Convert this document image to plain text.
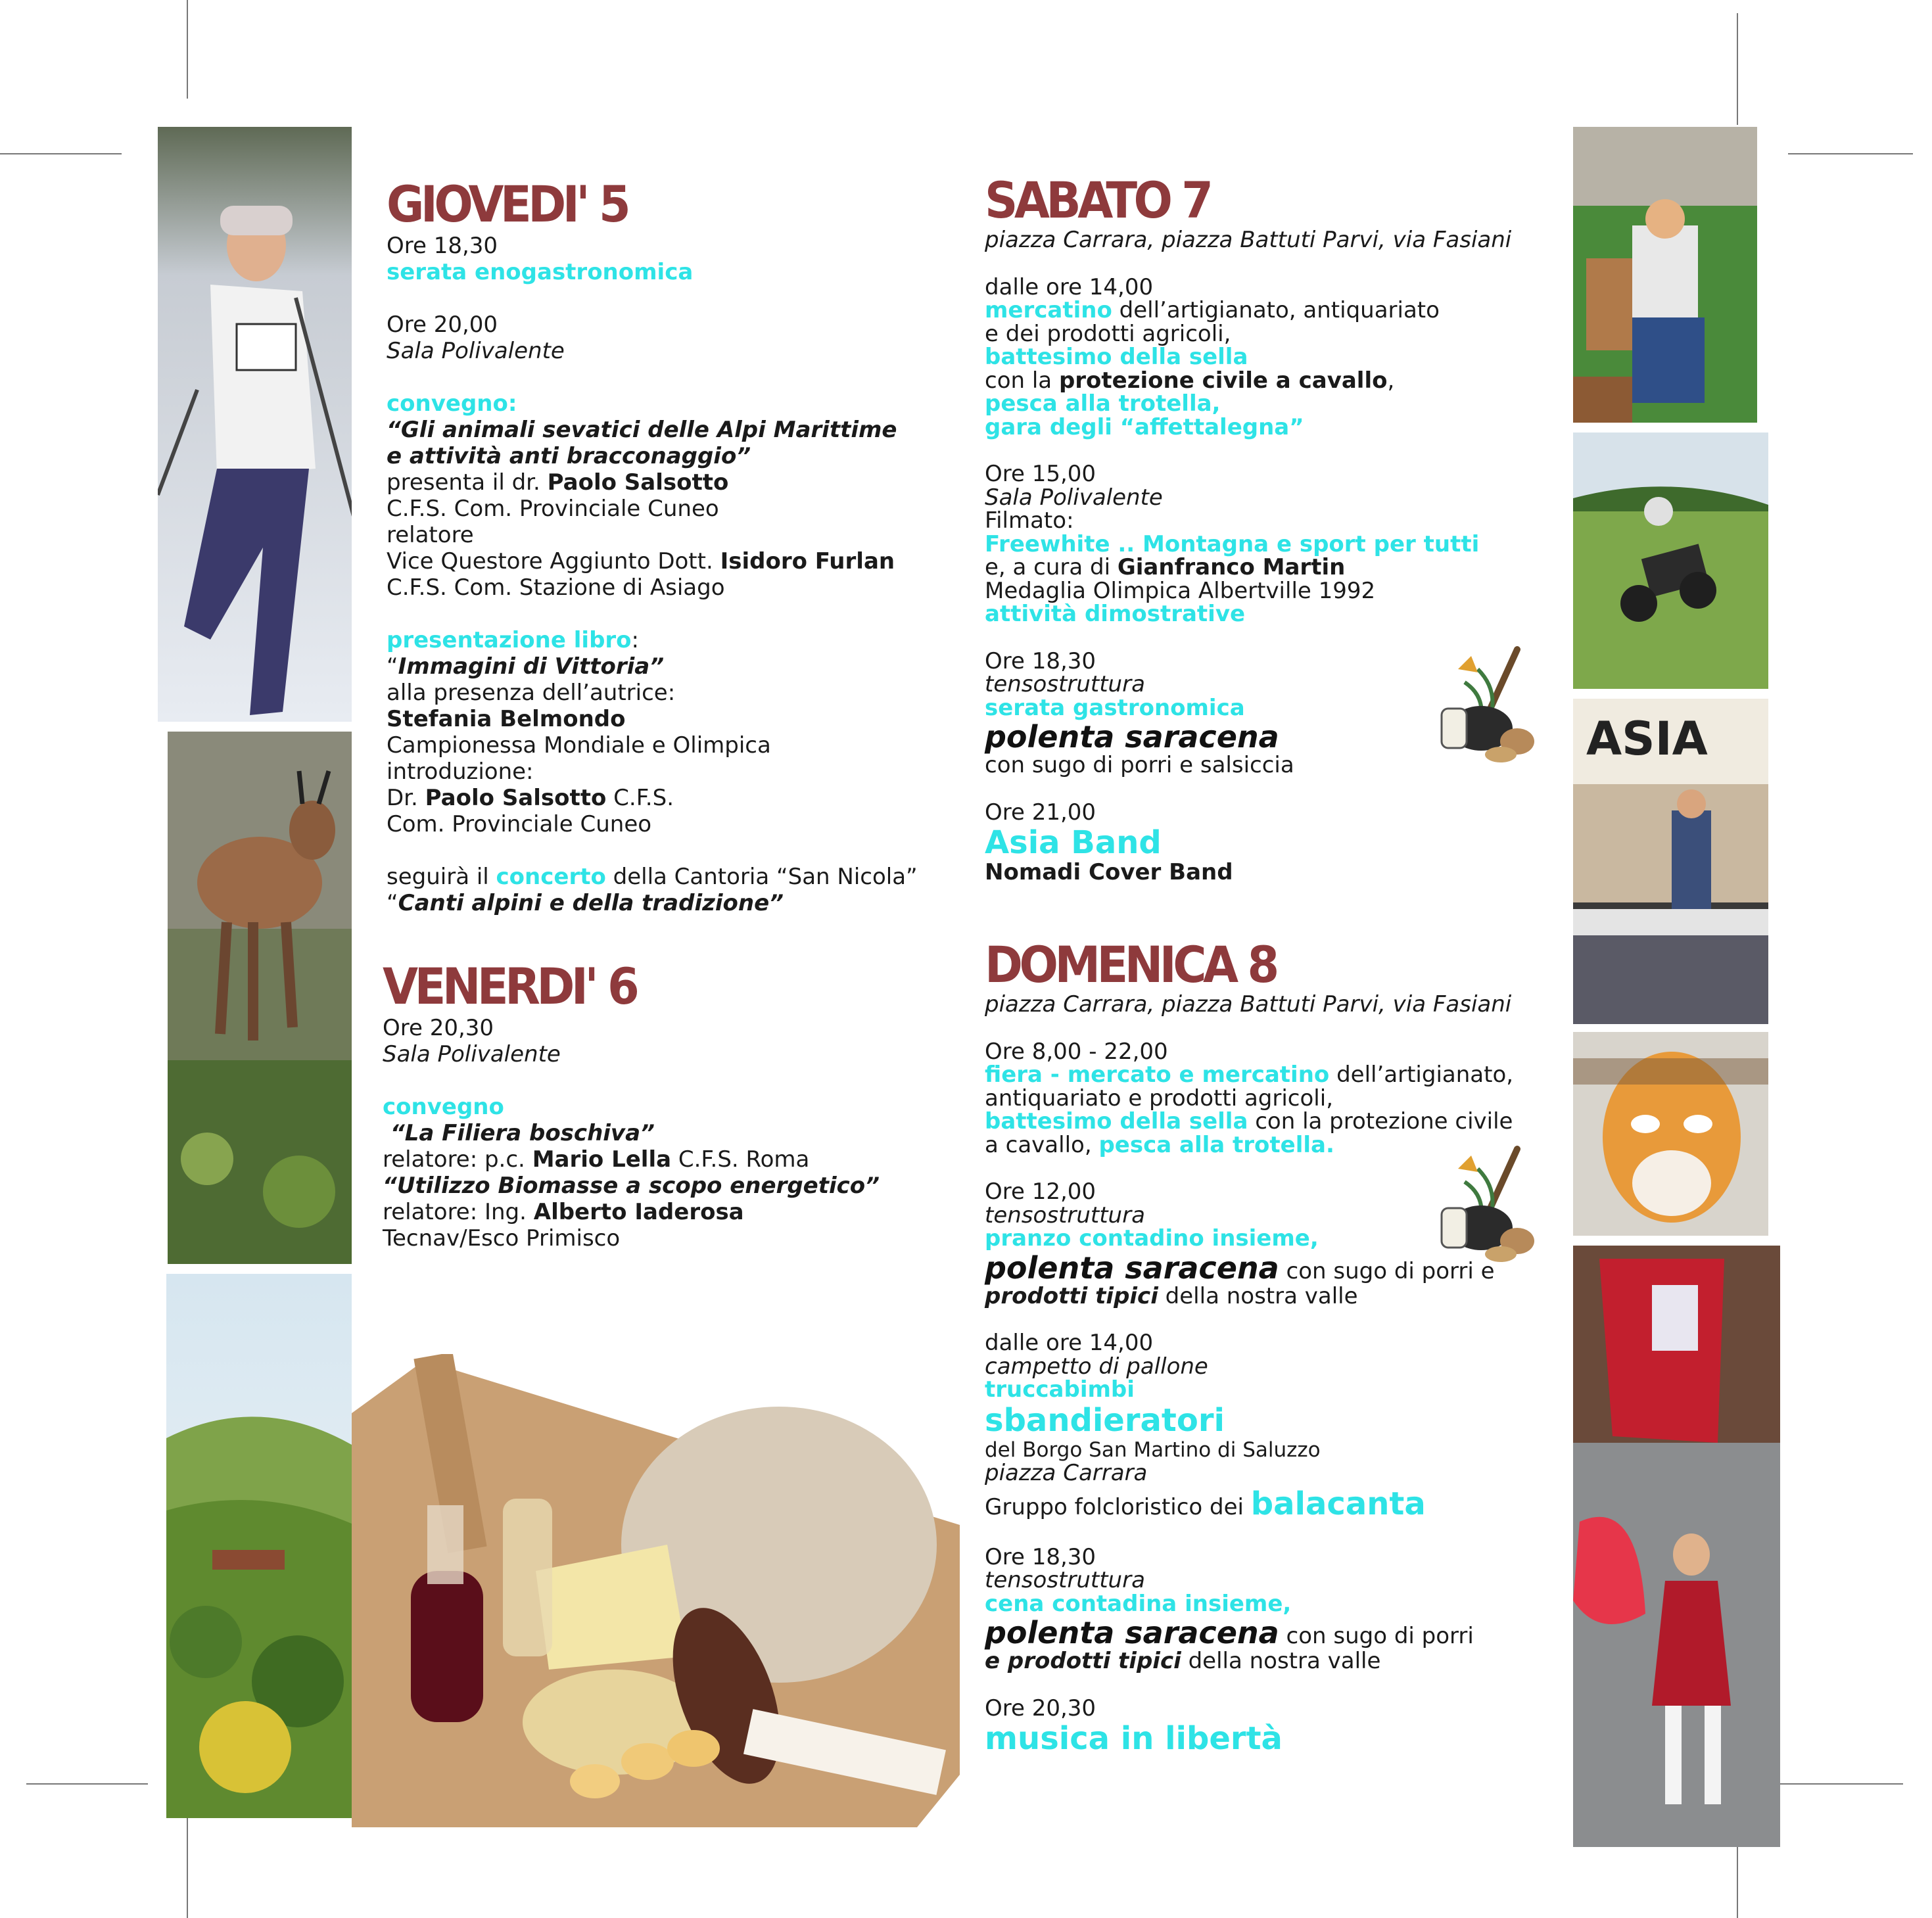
ASIA
GIOVEDI' 5

Ore 18,30

serata enogastronomica

Ore 20,00

Sala Polivalente

convegno:

“Gli animali sevatici delle Alpi Marittime

e attività anti bracconaggio”

presenta il dr. Paolo Salsotto

C.F.S. Com. Provinciale Cuneo

relatore

Vice Questore Aggiunto Dott. Isidoro Furlan

C.F.S. Com. Stazione di Asiago

presentazione libro:

“Immagini di Vittoria”

alla presenza dell’autrice:

Stefania Belmondo

Campionessa Mondiale e Olimpica

introduzione:

Dr. Paolo Salsotto C.F.S.

Com. Provinciale Cuneo

seguirà il concerto della Cantoria “San Nicola”

“Canti alpini e della tradizione”

VENERDI' 6

Ore 20,30

Sala Polivalente

convegno

“La Filiera boschiva”

relatore: p.c. Mario Lella C.F.S. Roma

“Utilizzo Biomasse a scopo energetico”

relatore: Ing. Alberto Iaderosa

Tecnav/Esco Primisco

SABATO 7

piazza Carrara, piazza Battuti Parvi, via Fasiani

dalle ore 14,00

mercatino dell’artigianato, antiquariato

e dei prodotti agricoli,

battesimo della sella

con la protezione civile a cavallo,

pesca alla trotella,

gara degli “affettalegna”

Ore 15,00

Sala Polivalente

Filmato:

Freewhite .. Montagna e sport per tutti

e, a cura di Gianfranco Martin

Medaglia Olimpica Albertville 1992

attività dimostrative

Ore 18,30

tensostruttura

serata gastronomica

polenta saracena

con sugo di porri e salsiccia

Ore 21,00

Asia Band

Nomadi Cover Band

DOMENICA 8

piazza Carrara, piazza Battuti Parvi, via Fasiani

Ore 8,00 - 22,00

fiera - mercato e mercatino dell’artigianato,

antiquariato e prodotti agricoli,

battesimo della sella con la protezione civile

a cavallo, pesca alla trotella.

Ore 12,00

tensostruttura

pranzo contadino insieme,

polenta saracena con sugo di porri e

prodotti tipici della nostra valle

dalle ore 14,00

campetto di pallone

truccabimbi

sbandieratori

del Borgo San Martino di Saluzzo

piazza Carrara

Gruppo folcloristico dei balacanta

Ore 18,30

tensostruttura

cena contadina insieme,

polenta saracena con sugo di porri

e prodotti tipici della nostra valle

Ore 20,30

musica in libertà
